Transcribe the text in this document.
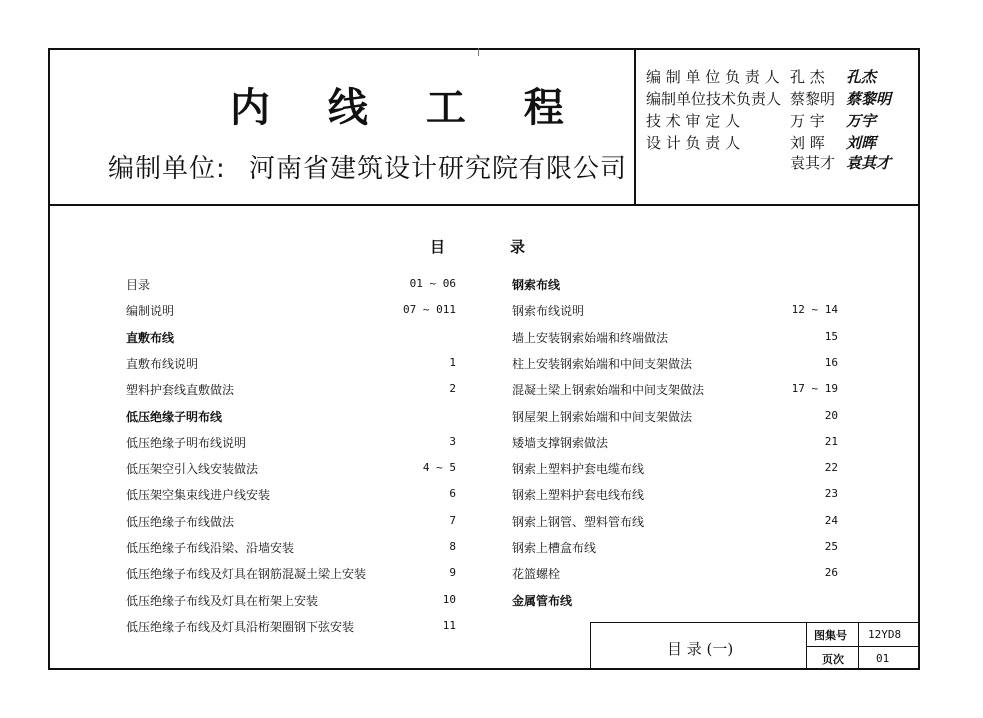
内 线 工 程
编制单位: 河南省建筑设计研究院有限公司
编 制 单 位 负 责 人 孔 杰 孔杰
编制单位技术负责人 蔡黎明 蔡黎明
技 术 审 定 人	万 宇 万宇
设 计 负 责 人	刘 晖 刘晖
袁其才 袁其才
目	录
目录	01 ~ 06
编制说明	07 ~ 011
直敷布线
直敷布线说明	1
塑料护套线直敷做法	2
低压绝缘子明布线
低压绝缘子明布线说明	3
低压架空引入线安装做法	4 ~ 5
低压架空集束线进户线安装	6
低压绝缘子布线做法	7
低压绝缘子布线沿梁、沿墙安装	8
低压绝缘子布线及灯具在钢筋混凝土梁上安装	9
低压绝缘子布线及灯具在桁架上安装	10
低压绝缘子布线及灯具沿桁架圈钢下弦安装	11
钢索布线
钢索布线说明	12 ~ 14
墙上安装钢索始端和终端做法	15
柱上安装钢索始端和中间支架做法	16
混凝土梁上钢索始端和中间支架做法	17 ~ 19
钢屋架上钢索始端和中间支架做法	20
矮墙支撑钢索做法	21
钢索上塑料护套电缆布线	22
钢索上塑料护套电线布线	23
钢索上钢管、塑料管布线	24
钢索上槽盒布线	25
花篮螺栓	26
金属管布线
目 录 (一)
图集号 12YD8
页次	01
